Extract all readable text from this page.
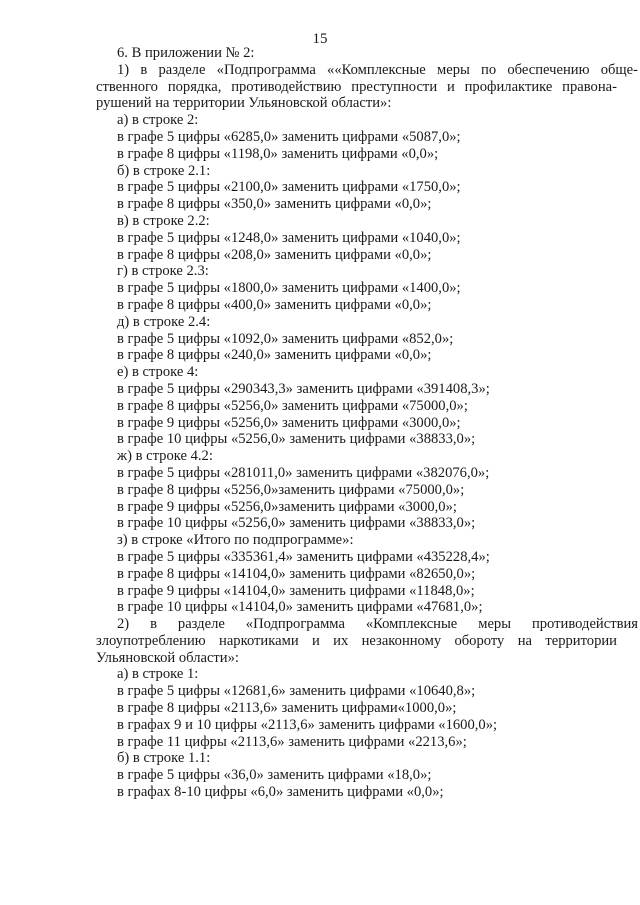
15

6. В приложении № 2:

1) в разделе «Подпрограмма ««Комплексные меры по обеспечению обще-

ственного порядка, противодействию преступности и профилактике правона-

рушений на территории Ульяновской области»:

а) в строке 2:

в графе 5 цифры «6285,0» заменить цифрами «5087,0»;

в графе 8 цифры «1198,0» заменить цифрами «0,0»;

б) в строке 2.1:

в графе 5 цифры «2100,0» заменить цифрами «1750,0»;

в графе 8 цифры «350,0» заменить цифрами «0,0»;

в) в строке 2.2:

в графе 5 цифры «1248,0» заменить цифрами «1040,0»;

в графе 8 цифры «208,0» заменить цифрами «0,0»;

г) в строке 2.3:

в графе 5 цифры «1800,0» заменить цифрами «1400,0»;

в графе 8 цифры «400,0» заменить цифрами «0,0»;

д) в строке 2.4:

в графе 5 цифры «1092,0» заменить цифрами «852,0»;

в графе 8 цифры «240,0» заменить цифрами «0,0»;

е) в строке 4:

в графе 5 цифры «290343,3» заменить цифрами «391408,3»;

в графе 8 цифры «5256,0» заменить цифрами «75000,0»;

в графе 9 цифры «5256,0» заменить цифрами «3000,0»;

в графе 10 цифры «5256,0» заменить цифрами «38833,0»;

ж) в строке 4.2:

в графе 5 цифры «281011,0» заменить цифрами «382076,0»;

в графе 8 цифры «5256,0»заменить цифрами «75000,0»;

в графе 9 цифры «5256,0»заменить цифрами «3000,0»;

в графе 10 цифры «5256,0» заменить цифрами «38833,0»;

з) в строке «Итого по подпрограмме»:

в графе 5 цифры «335361,4» заменить цифрами «435228,4»;

в графе 8 цифры «14104,0» заменить цифрами «82650,0»;

в графе 9 цифры «14104,0» заменить цифрами «11848,0»;

в графе 10 цифры «14104,0» заменить цифрами «47681,0»;

2) в разделе «Подпрограмма «Комплексные меры противодействия

злоупотреблению наркотиками и их незаконному обороту на территории

Ульяновской области»:

а) в строке 1:

в графе 5 цифры «12681,6» заменить цифрами «10640,8»;

в графе 8 цифры «2113,6» заменить цифрами«1000,0»;

в графах 9 и 10 цифры «2113,6» заменить цифрами «1600,0»;

в графе 11 цифры «2113,6» заменить цифрами «2213,6»;

б) в строке 1.1:

в графе 5 цифры «36,0» заменить цифрами «18,0»;

в графах 8-10 цифры «6,0» заменить цифрами «0,0»;
